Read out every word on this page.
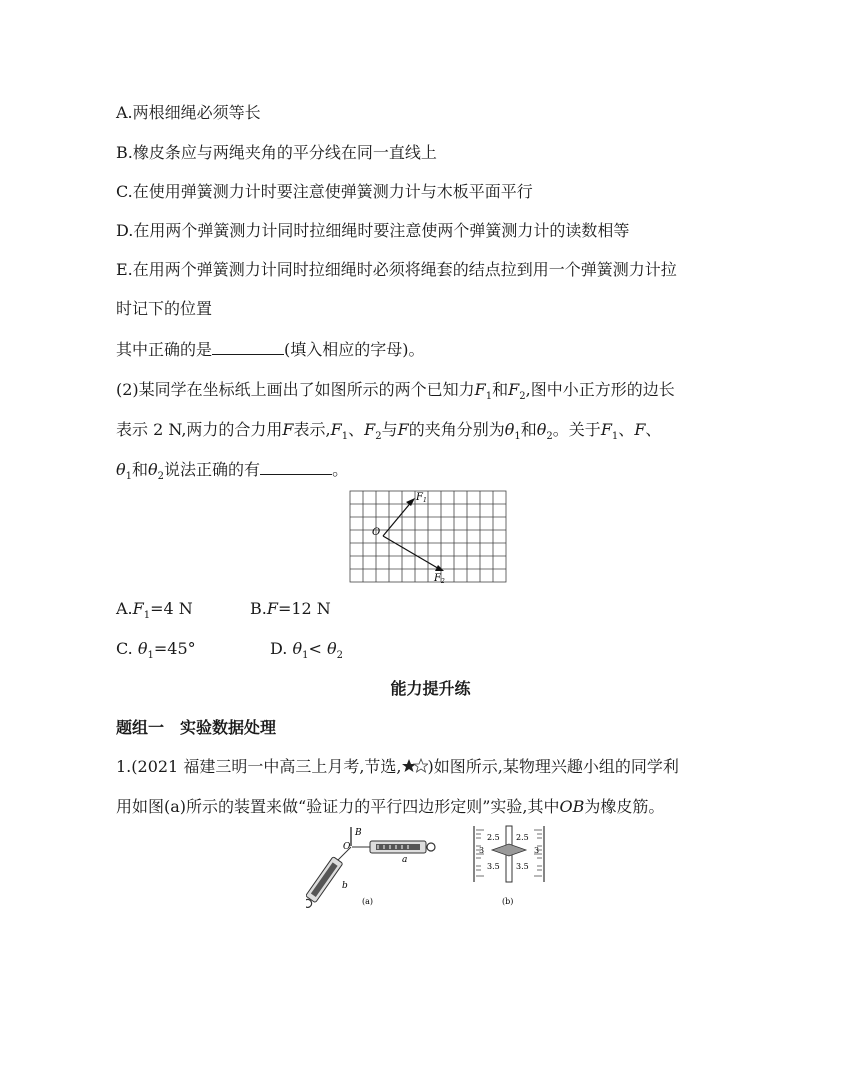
A.两根细绳必须等长
B.橡皮条应与两绳夹角的平分线在同一直线上
C.在使用弹簧测力计时要注意使弹簧测力计与木板平面平行
D.在用两个弹簧测力计同时拉细绳时要注意使两个弹簧测力计的读数相等
E.在用两个弹簧测力计同时拉细绳时必须将绳套的结点拉到用一个弹簧测力计拉
时记下的位置
其中正确的是	(填入相应的字母)。
(2)某同学在坐标纸上画出了如图所示的两个已知力$F_1$和$F_2$,图中小正方形的边长
表示 2 N,两力的合力用F表示$,F_1$、$F_2$与F的夹角分别为$\theta_1$和$\theta_2$。关于$F_1$、F、
$\theta_1$和$\theta_2$说法正确的有	。
O
$F_1$
$F_2$
$A.F_1=4$ N	B.F=12 N
C. $\theta_1=45^\circ$	D. $\theta_1< \theta_2$
能力提升练
题组一　实验数据处理
1.(2021 福建三明一中高三上月考,节选, )如图所示,某物理兴趣小组的同学利
用如图(a)所示的装置来做“验证力的平行四边形定则”实验,其中OB为橡皮筋。
B
O
a
b
(a)
2.5 2.5
3	3
3.5 3.5
(b)
